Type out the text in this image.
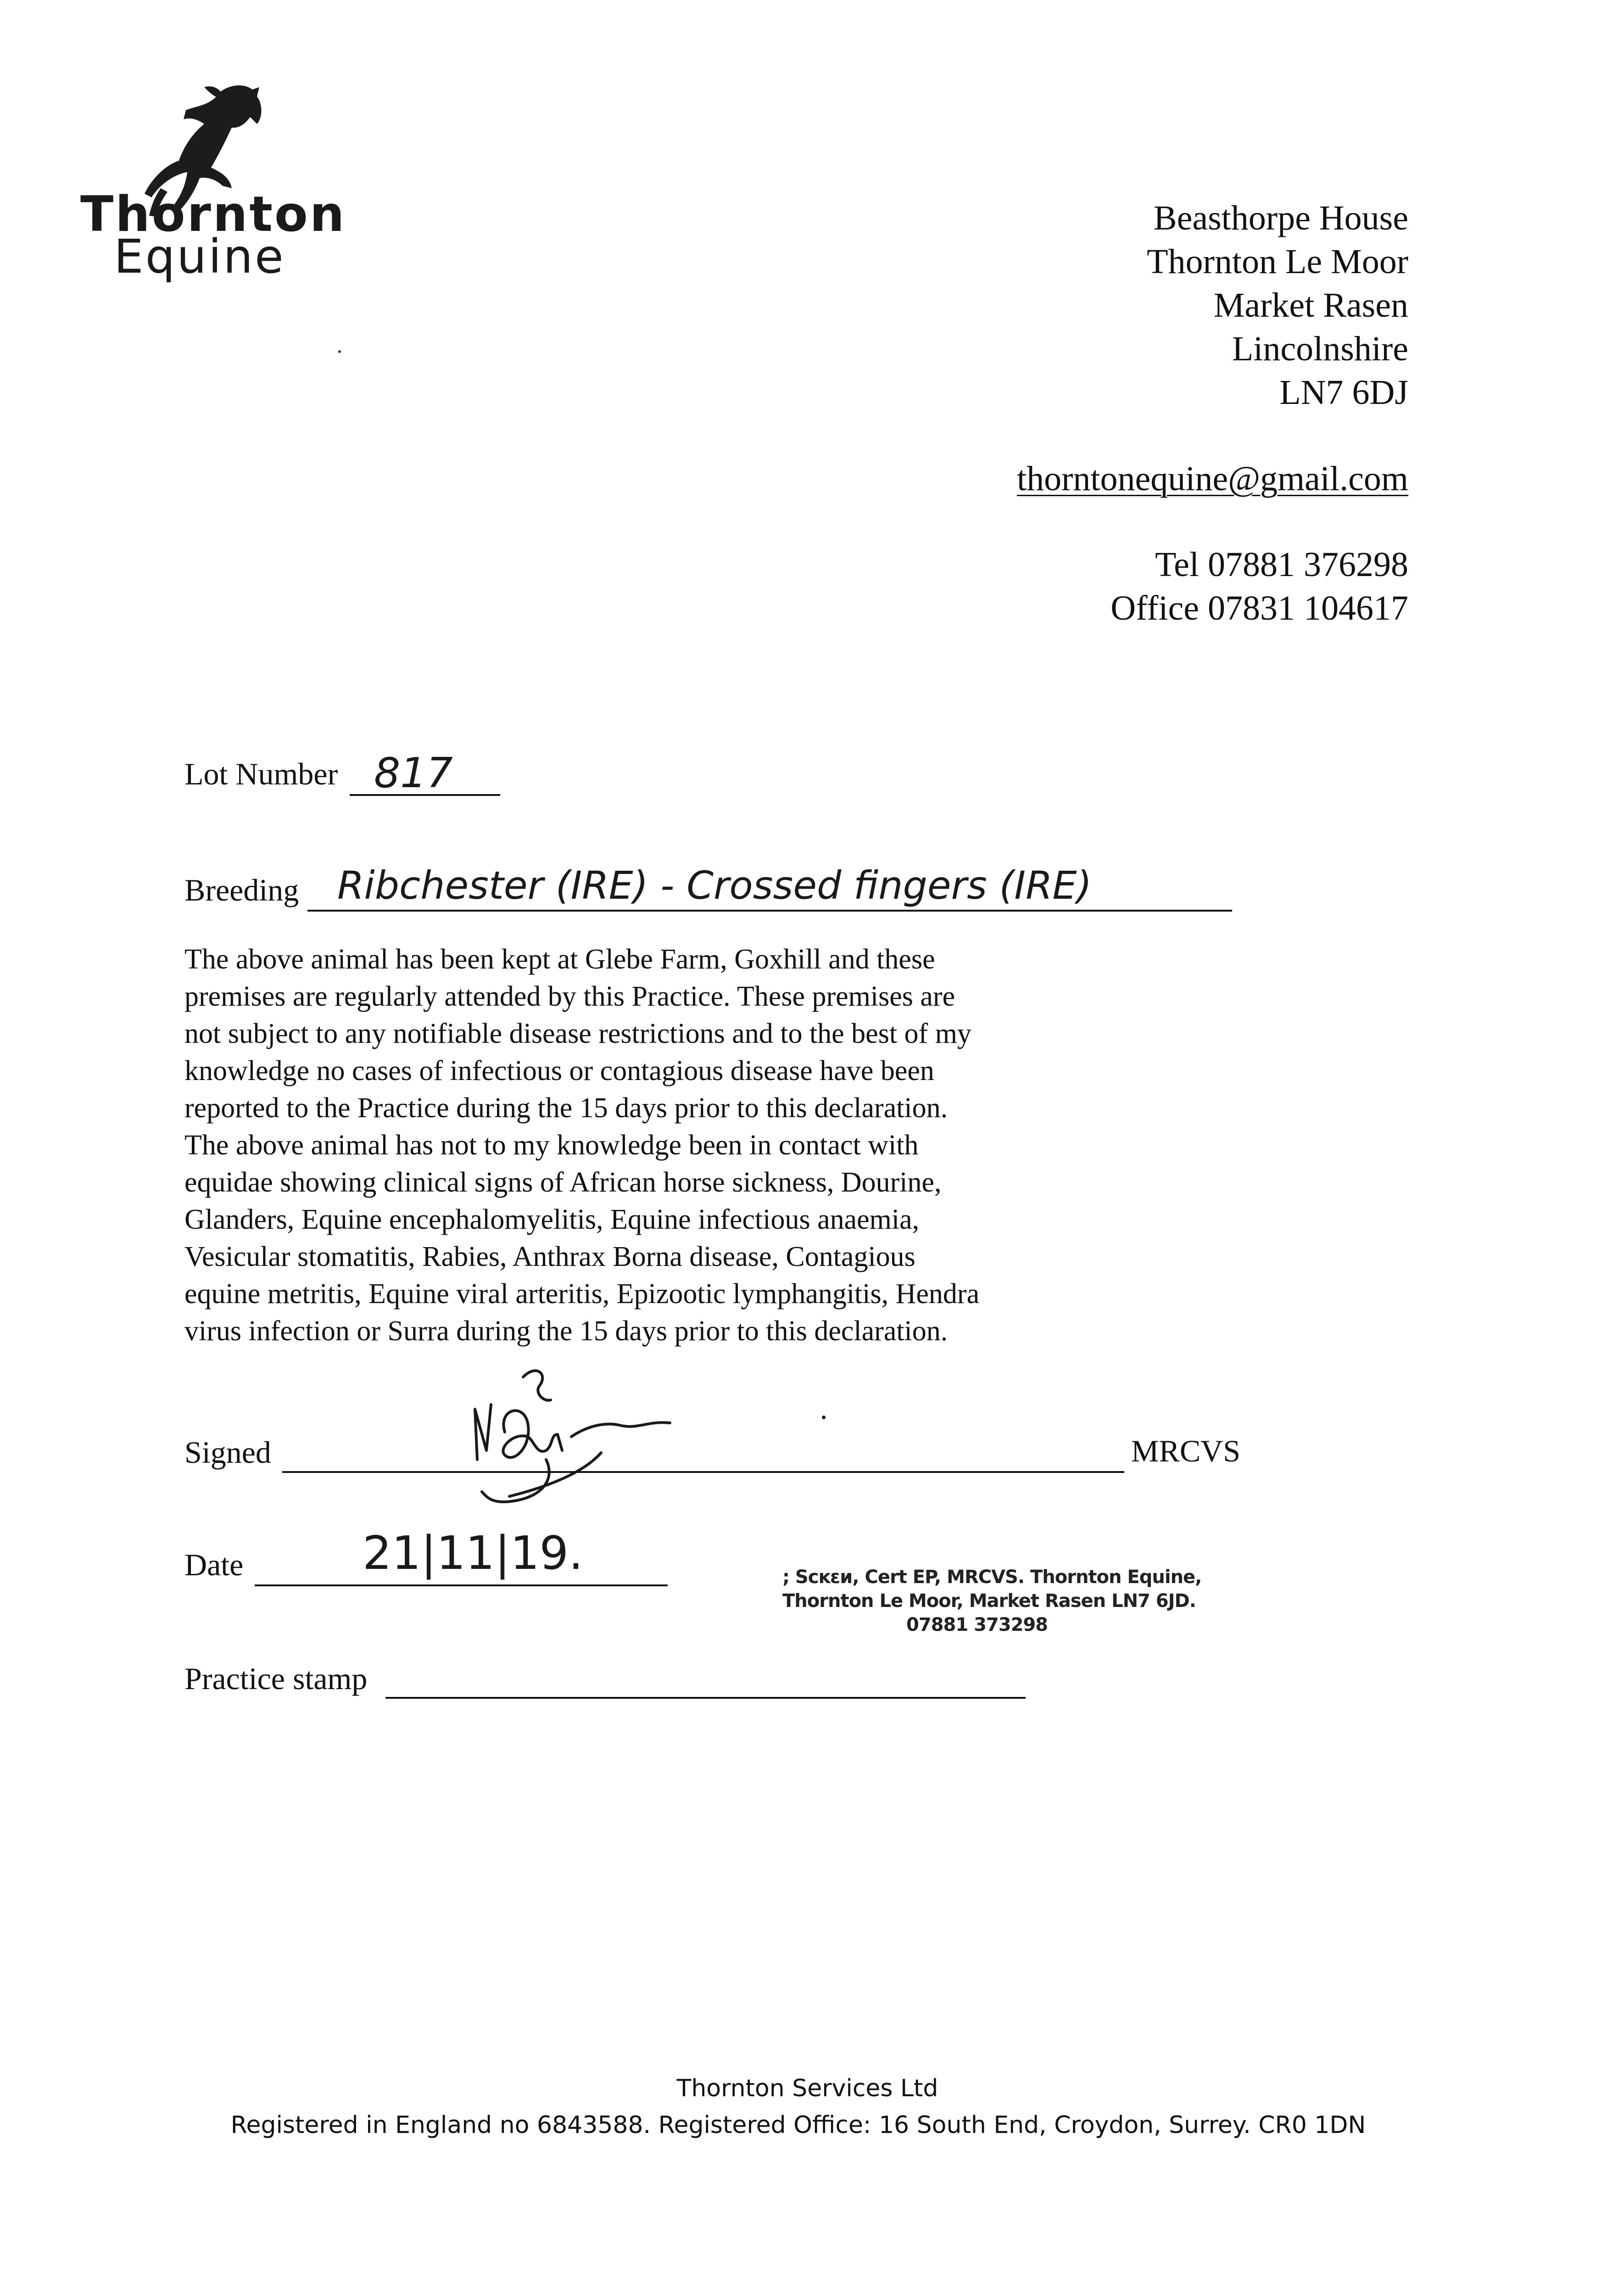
Thornton
Equine
Beasthorpe House
Thornton Le Moor
Market Rasen
Lincolnshire
LN7 6DJ
thorntonequine@gmail.com
Tel 07881 376298
Office 07831 104617
Lot Number 817
Breeding Ribchester (IRE) - Crossed fingers (IRE)
The above animal has been kept at Glebe Farm, Goxhill and these
premises are regularly attended by this Practice. These premises are
not subject to any notifiable disease restrictions and to the best of my
knowledge no cases of infectious or contagious disease have been
reported to the Practice during the 15 days prior to this declaration.
The above animal has not to my knowledge been in contact with
equidae showing clinical signs of African horse sickness, Dourine,
Glanders, Equine encephalomyelitis, Equine infectious anaemia,
Vesicular stomatitis, Rabies, Anthrax Borna disease, Contagious
equine metritis, Equine viral arteritis, Epizootic lymphangitis, Hendra
virus infection or Surra during the 15 days prior to this declaration.
Signed	MRCVS
Date	21|11|19.	; Scĸɛи, Cert EP, MRCVS. Thornton Equine,
Thornton Le Moor, Market Rasen LN7 6JD.
07881 373298
Practice stamp
Thornton Services Ltd
Registered in England no 6843588. Registered Office: 16 South End, Croydon, Surrey. CR0 1DN
